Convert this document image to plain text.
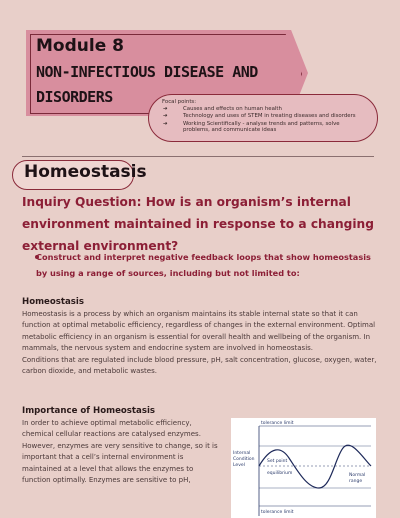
Module 8
NON-INFECTIOUS DISEASE AND
DISORDERS	Focal points:
➔	Causes and effects on human health
➔	Technology and uses of STEM in treating diseases and disorders
➔	Working Scientifically - analyse trends and patterns, solve problems, and communicate ideas
Homeostasis
Inquiry Question: How is an organism’s internal environment maintained in response to a changing external environment?
Construct and interpret negative feedback loops that show homeostasis by using a range of sources, including but not limited to:
Homeostasis
Homeostasis is a process by which an organism maintains its stable internal state so that it can function at optimal metabolic efficiency, regardless of changes in the external environment. Optimal metabolic efficiency in an organism is essential for overall health and wellbeing of the organism. In mammals, the nervous system and endocrine system are involved in homeostasis.
Conditions that are regulated include blood pressure, pH, salt concentration, glucose, oxygen, water, carbon dioxide, and metabolic wastes.
Importance of Homeostasis
In order to achieve optimal metabolic efficiency, chemical cellular reactions are catalysed enzymes. However, enzymes are very sensitive to change, so it is important that a cell’s internal environment is maintained at a level that allows the enzymes to function optimally. Enzymes are sensitive to pH,
tolerance limit
Internal
Condition
Level
Set point
equilibrium	Normal
range
tolerance limit
